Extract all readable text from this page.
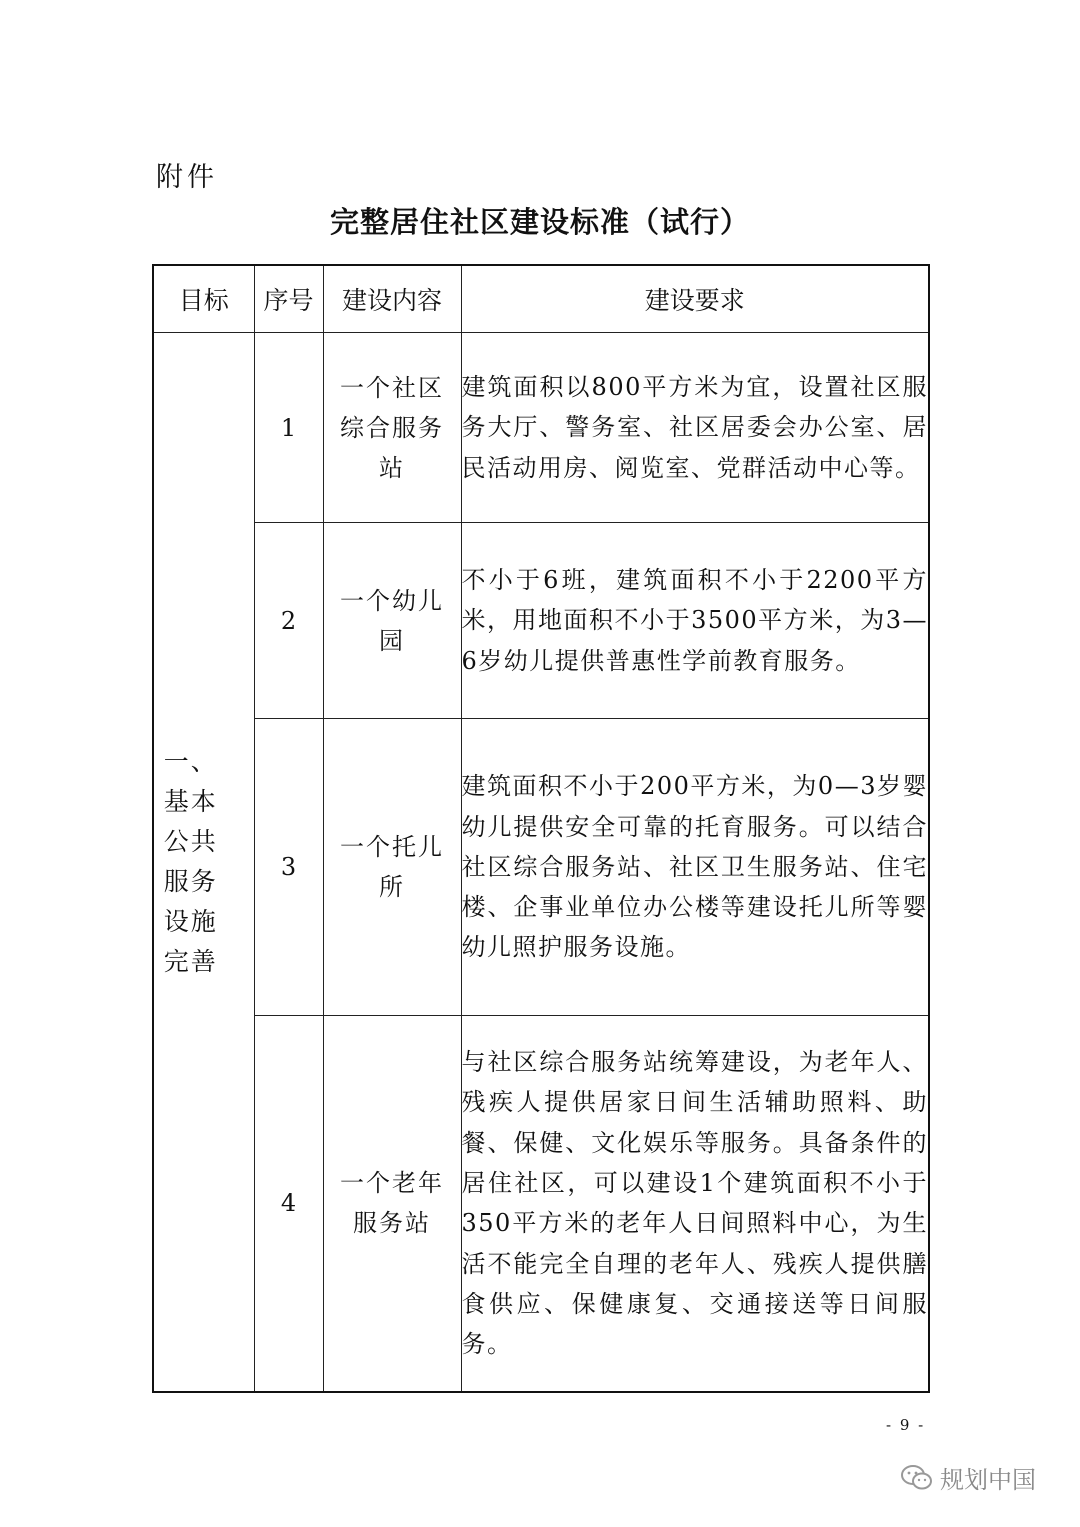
附件
完整居住社区建设标准（试行）
目标	序号	建设内容	建设要求
一、基本公共服务设施完善	1	一个社区综合服务站	建筑面积以800平方米为宜，设置社区服务大厅、警务室、社区居委会办公室、居民活动用房、阅览室、党群活动中心等。
	2	一个幼儿园	不小于6班，建筑面积不小于2200平方米，用地面积不小于3500平方米，为3—6岁幼儿提供普惠性学前教育服务。
	3	一个托儿所	建筑面积不小于200平方米，为0—3岁婴幼儿提供安全可靠的托育服务。可以结合社区综合服务站、社区卫生服务站、住宅楼、企事业单位办公楼等建设托儿所等婴幼儿照护服务设施。
	4	一个老年服务站	与社区综合服务站统筹建设，为老年人、残疾人提供居家日间生活辅助照料、助餐、保健、文化娱乐等服务。具备条件的居住社区，可以建设1个建筑面积不小于350平方米的老年人日间照料中心，为生活不能完全自理的老年人、残疾人提供膳食供应、保健康复、交通接送等日间服务。
- 9 -
规划中国
